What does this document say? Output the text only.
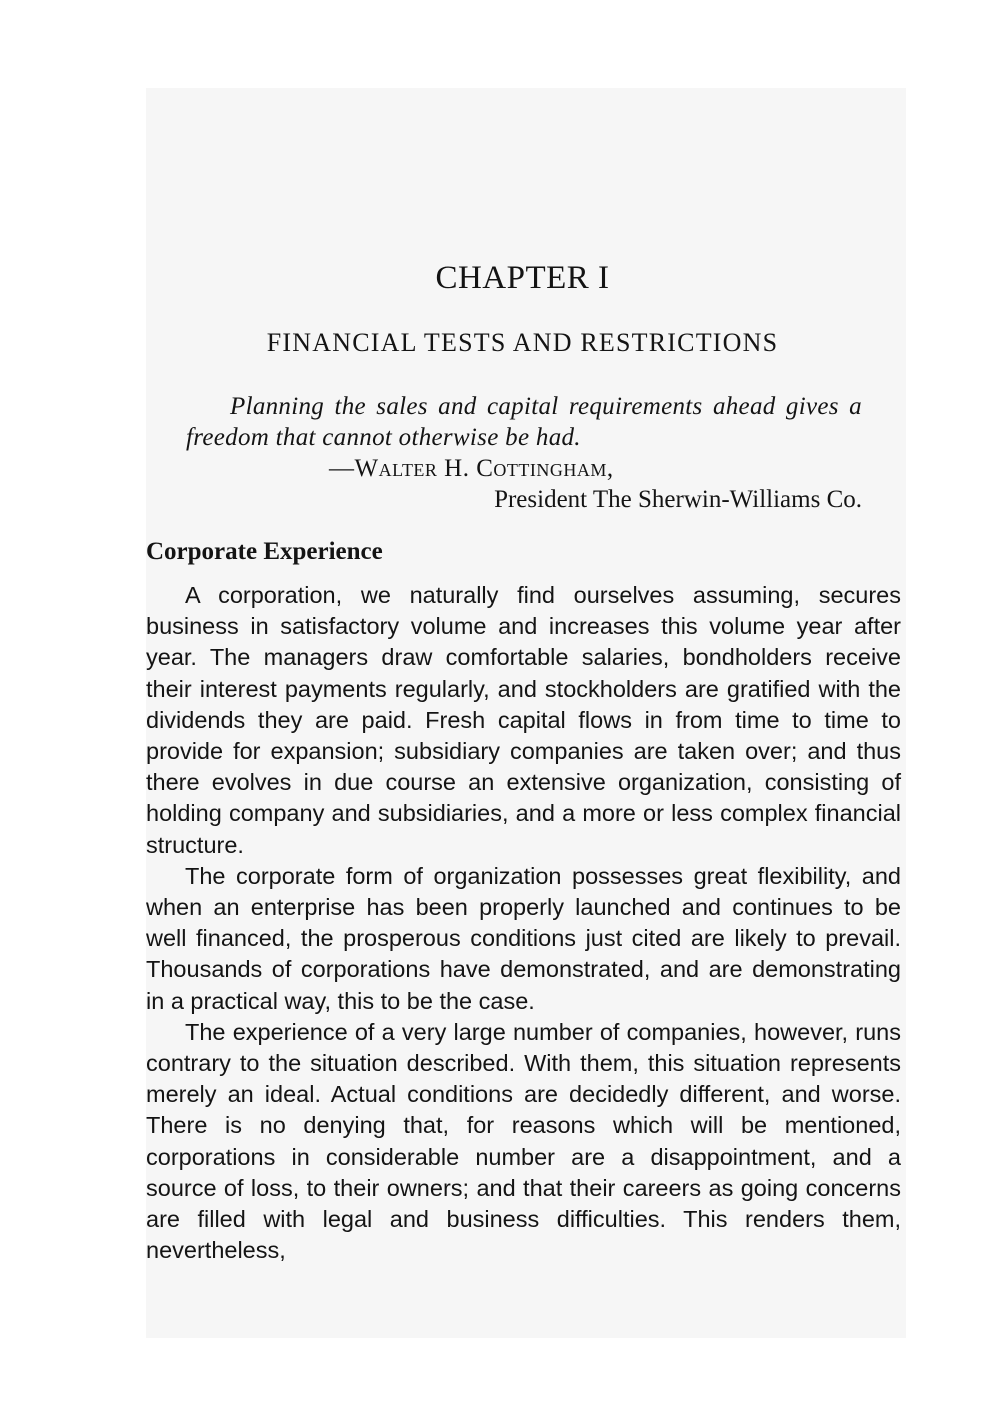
CHAPTER I
FINANCIAL TESTS AND RESTRICTIONS

Planning the sales and capital requirements ahead gives a freedom that cannot otherwise be had.

—Walter H. Cottingham,

President The Sherwin-Williams Co.

Corporate Experience

A corporation, we naturally find ourselves assuming, secures business in satisfactory volume and increases this volume year after year. The managers draw comfortable salaries, bondholders receive their interest payments regularly, and stockholders are gratified with the dividends they are paid. Fresh capital flows in from time to time to provide for expansion; subsidiary companies are taken over; and thus there evolves in due course an extensive organization, consisting of holding company and subsidiaries, and a more or less complex financial structure.

The corporate form of organization possesses great flexibility, and when an enterprise has been properly launched and continues to be well financed, the prosperous conditions just cited are likely to prevail. Thousands of corporations have demonstrated, and are demonstrating in a practical way, this to be the case.

The experience of a very large number of companies, however, runs contrary to the situation described. With them, this situation represents merely an ideal. Actual conditions are decidedly different, and worse. There is no denying that, for reasons which will be mentioned, corporations in considerable number are a disappointment, and a source of loss, to their owners; and that their careers as going concerns are filled with legal and business difficulties. This renders them, nevertheless,
